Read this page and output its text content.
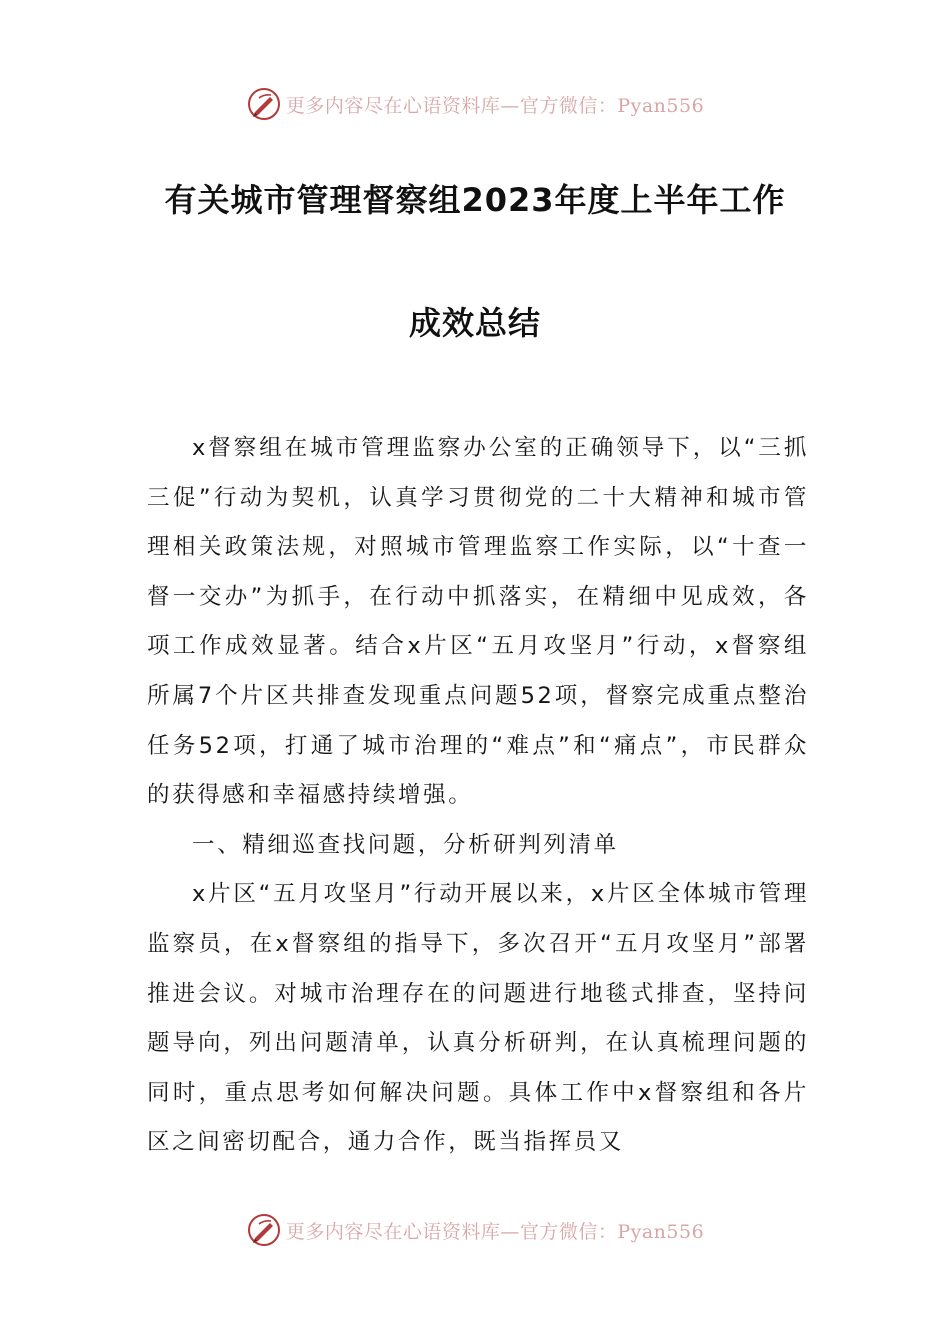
更多内容尽在心语资料库—官方微信：Pyan556
有关城市管理督察组2023年度上半年工作
成效总结

x督察组在城市管理监察办公室的正确领导下，以“三抓三促”行动为契机，认真学习贯彻党的二十大精神和城市管理相关政策法规，对照城市管理监察工作实际，以“十查一督一交办”为抓手，在行动中抓落实，在精细中见成效，各项工作成效显著。结合x片区“五月攻坚月”行动，x督察组所属7个片区共排查发现重点问题52项，督察完成重点整治任务52项，打通了城市治理的“难点”和“痛点”，市民群众的获得感和幸福感持续增强。

一、精细巡查找问题，分析研判列清单

x片区“五月攻坚月”行动开展以来，x片区全体城市管理监察员，在x督察组的指导下，多次召开“五月攻坚月”部署推进会议。对城市治理存在的问题进行地毯式排查，坚持问题导向，列出问题清单，认真分析研判，在认真梳理问题的同时，重点思考如何解决问题。具体工作中x督察组和各片区之间密切配合，通力合作，既当指挥员又

更多内容尽在心语资料库—官方微信：Pyan556
